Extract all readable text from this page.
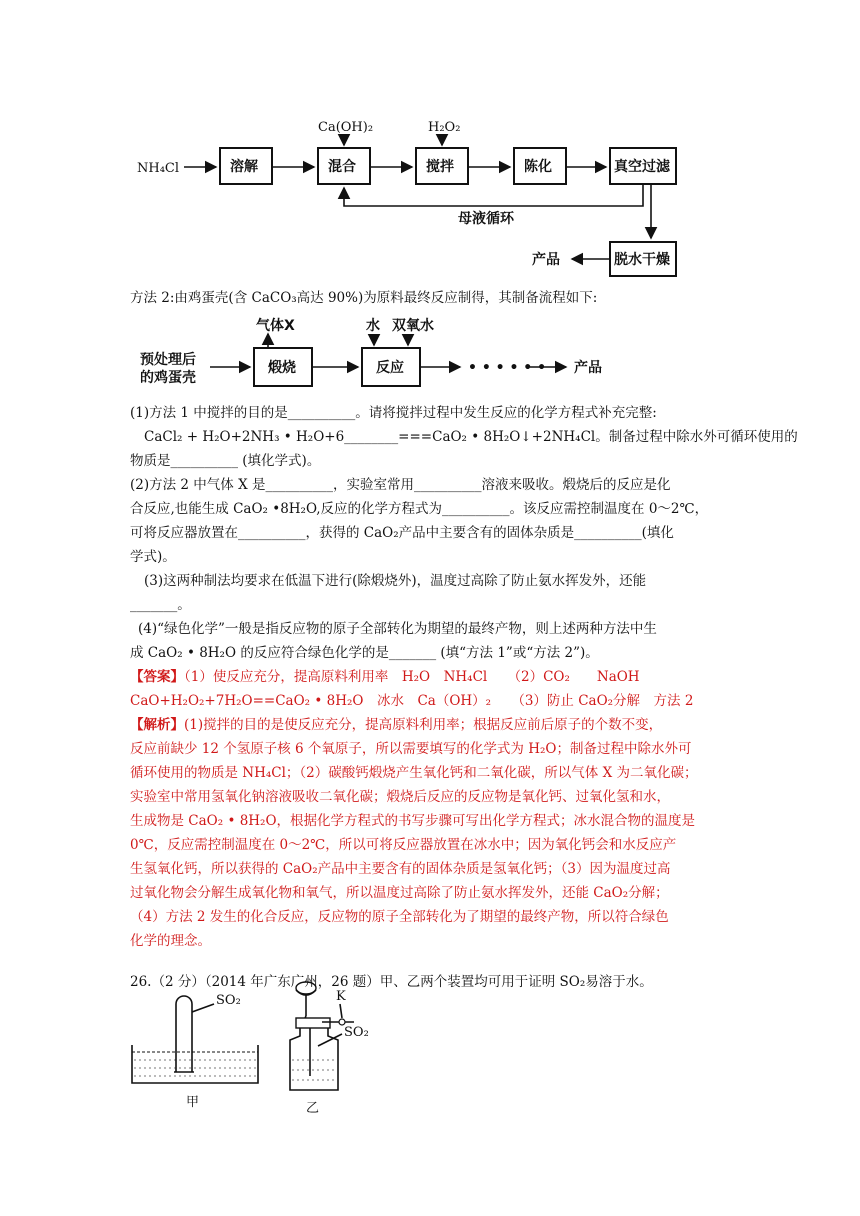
NH₄Cl	溶解	混合	搅拌	陈化	真空过滤
脱水干燥
Ca(OH)₂	H₂O₂
母液循环
产品
预处理后
的鸡蛋壳
煅烧	反应	• • • • • • 产品
气体X	水 双氧水
SO₂
甲
K
SO₂
乙
方法 2:由鸡蛋壳(含 CaCO₃高达 90%)为原料最终反应制得，其制备流程如下:
(1)方法 1 中搅拌的目的是__________。请将搅拌过程中发生反应的化学方程式补充完整:
CaCl₂ + H₂O+2NH₃ • H₂O+6________===CaO₂ • 8H₂O↓+2NH₄Cl。制备过程中除水外可循环使用的
物质是__________ (填化学式)。
(2)方法 2 中气体 X 是__________，实验室常用__________溶液来吸收。煅烧后的反应是化
合反应,也能生成 CaO₂ •8H₂O,反应的化学方程式为__________。该反应需控制温度在 0～2℃，
可将反应器放置在__________，获得的 CaO₂产品中主要含有的固体杂质是__________(填化
学式)。
(3)这两种制法均要求在低温下进行(除煅烧外)，温度过高除了防止氨水挥发外，还能
_______。
(4)“绿色化学”一般是指反应物的原子全部转化为期望的最终产物，则上述两种方法中生
成 CaO₂ • 8H₂O 的反应符合绿色化学的是_______ (填“方法 1”或“方法 2”)。
【答案】（1）使反应充分，提高原料利用率　H₂O　NH₄Cl　　（2）CO₂　　NaOH
CaO+H₂O₂+7H₂O==CaO₂ • 8H₂O　冰水　Ca（OH）₂　　（3）防止 CaO₂分解　方法 2
【解析】(1)搅拌的目的是使反应充分，提高原料利用率；根据反应前后原子的个数不变，
反应前缺少 12 个氢原子核 6 个氧原子，所以需要填写的化学式为 H₂O；制备过程中除水外可
循环使用的物质是 NH₄Cl；（2）碳酸钙煅烧产生氧化钙和二氧化碳，所以气体 X 为二氧化碳；
实验室中常用氢氧化钠溶液吸收二氧化碳；煅烧后反应的反应物是氧化钙、过氧化氢和水，
生成物是 CaO₂ • 8H₂O，根据化学方程式的书写步骤可写出化学方程式；冰水混合物的温度是
0℃，反应需控制温度在 0～2℃，所以可将反应器放置在冰水中；因为氧化钙会和水反应产
生氢氧化钙，所以获得的 CaO₂产品中主要含有的固体杂质是氢氧化钙；（3）因为温度过高
过氧化物会分解生成氧化物和氧气，所以温度过高除了防止氨水挥发外，还能 CaO₂分解；
（4）方法 2 发生的化合反应，反应物的原子全部转化为了期望的最终产物，所以符合绿色
化学的理念。
26.（2 分）（2014 年广东广州，26 题）甲、乙两个装置均可用于证明 SO₂易溶于水。
